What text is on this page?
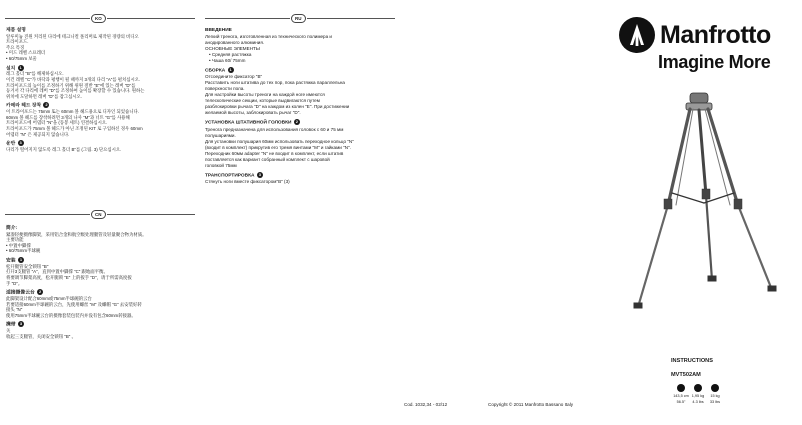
KO	RU
CN

제품 설명

알루미늄 진원 커리된 다리에 테크니컬 폴리머로 제작된 경량의 비디오

트라이포드.

주요 특징

• 미드 레벨 스프레더

• 60/75mm 보울

설치 1

레그 홀더 "B"를 해제하십시오.

이건 레벨 "C"가 바닥과 평행이 될 때까지 3개의 다리 "A"를 펼치십시오.

트라이포드의 높이를 조정하기 위해 위원 절반 "E"에 있는 레버 "D"를

등겨서 각 다리에 레버 "D"를 조정하여 높이를 확장할 수 있습니다. 원하는

위치에 도달하면 레버 "D"를 잠그십시오.

카메라 헤드 장착 2

이 트라이포드는 75mm 또는 60mm 볼 헤드용으로 디자인 되었습니다.

60mm 볼 헤드를 장착하려면 3개의 나사 "M"과 너트 "G"를 사용해

트라이포드에 어댑터 "N"을 (동봉 세트) 연결하십시오.

트라이포드가 75mm 볼 헤드가 아닌 조정된 KIT 로 구입하신 경우 60mm

어댑터 "N" 은 제공되지 않습니다.

운반 3

다리가 떨어지지 않도록 레그 홀더 B"를 (그림. 3) 단으십시오.

简介:

紧凑轻便摄像脚架，采用铝合金和航空级处理腿管及轻量聚合物为材质。

主要功能

• 中置中脚撑

• 60/75mm半球碗

安装 1

松开腿管安全锁钮 "B"

打开3支腿管 "A"，直到中置中脚撑 "C" 跟地面平衡。

将要调节脚架高度，松开腿锁 "E" 上的扳手 "D"，请于所需高度扳

手 "D"。

适接摄像云台 2

此脚架设计配合60mm或75mm半球碗的云台

若要适接60mm半球碗的云台，先使用螺丝 "M" 及螺帽 "G" 去安装好转

接头 "N"

使用75mm半球碗云台的摄像套装包装内并没有包含60mm转接器。

携带 3

关

收起三支腿管，关闭安全锁钮 "B" 。

ВВЕДЕНИЕ

Легкий треногa, изготовленная из технического полимера и

анодированного алюминия.

ОСНОВНЫЕ ЭЛЕМЕНТЫ

• Средняя растяжка

• Чаша 60/ 75mm

СБОРКА 1

Отсоедините фиксатор "B"

Расставить ноги штатива до тех пор, пока растяжка параллельна

поверхности пола.

Для настройки высоты треноги на каждой ноге имеются

телескопические секции, которые выдвигаются путем

разблокировки рычага "D" на каждом из колен "E". При достижении

желаемой высоты, заблокировать рычаг "D".

УСТАНОВКА ШТАТИВНОЙ ГОЛОВКИ 2

Треногa предназначена для использования головок с 60 и 75 мм

полушариями.

Для установки полушария 60мм использовать переходное кольцо "N"

(входит в комплект) прикрутив его тремя винтами "M" и гайками "N".

Переходник 60мм adapter "N" не входит в комплект, если штатив

поставляется как вариант собранный комплект с шаровой

головкой 75мм

ТРАНСПОРТИРОВКА 3

Стянуть ноги вместе фиксатором"B" (3)

Manfrotto
Imagine More
INSTRUCTIONS
MVT502AM
143,5 cm
56.5"
1,95 kg
4.3 lbs
15 kg
33 lbs
Cod. 1032,34 - 02/12	Copyright © 2011 Manfrotto Bassano Italy
